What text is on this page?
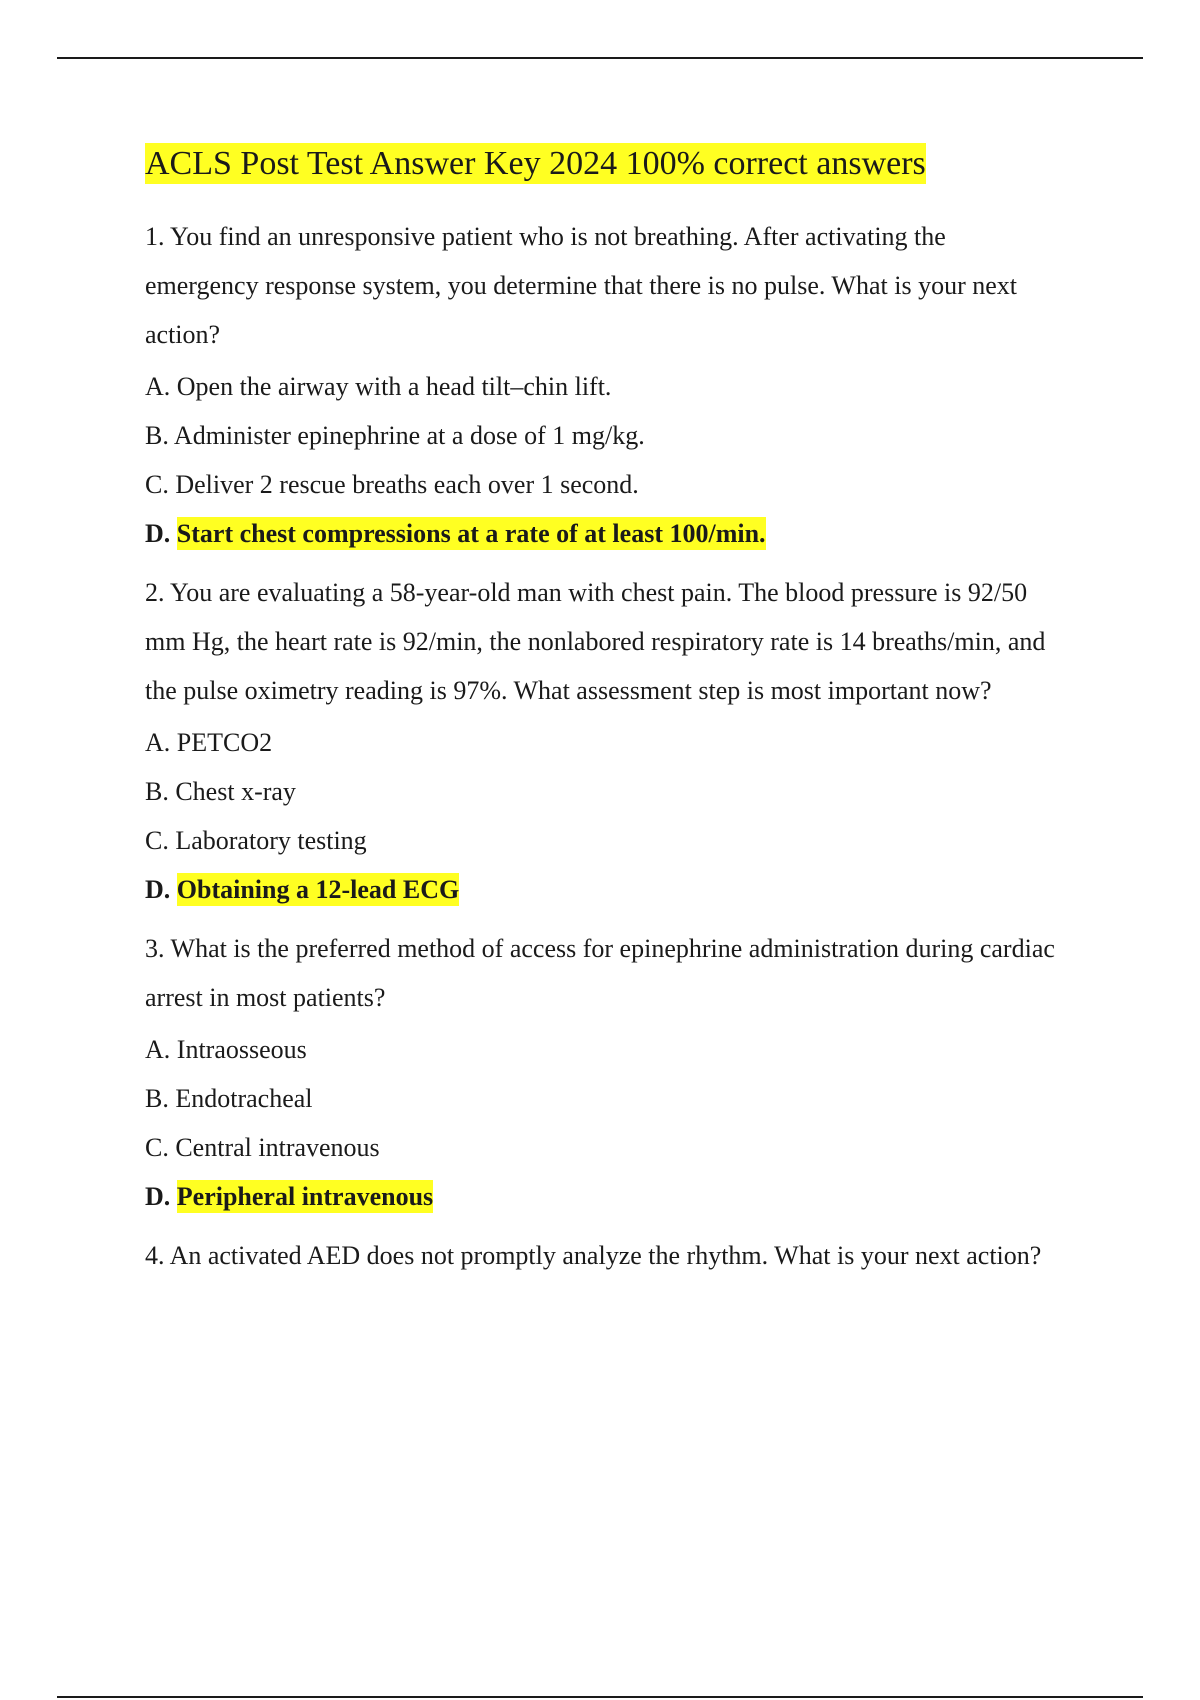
ACLS Post Test Answer Key 2024 100% correct answers

1. You find an unresponsive patient who is not breathing. After activating the emergency response system, you determine that there is no pulse. What is your next action?

A. Open the airway with a head tilt–chin lift.
B. Administer epinephrine at a dose of 1 mg/kg.
C. Deliver 2 rescue breaths each over 1 second.
D. Start chest compressions at a rate of at least 100/min.

2. You are evaluating a 58-year-old man with chest pain. The blood pressure is 92/50 mm Hg, the heart rate is 92/min, the nonlabored respiratory rate is 14 breaths/min, and the pulse oximetry reading is 97%. What assessment step is most important now?

A. PETCO2
B. Chest x-ray
C. Laboratory testing
D. Obtaining a 12-lead ECG

3. What is the preferred method of access for epinephrine administration during cardiac arrest in most patients?

A. Intraosseous
B. Endotracheal
C. Central intravenous
D. Peripheral intravenous

4. An activated AED does not promptly analyze the rhythm. What is your next action?
